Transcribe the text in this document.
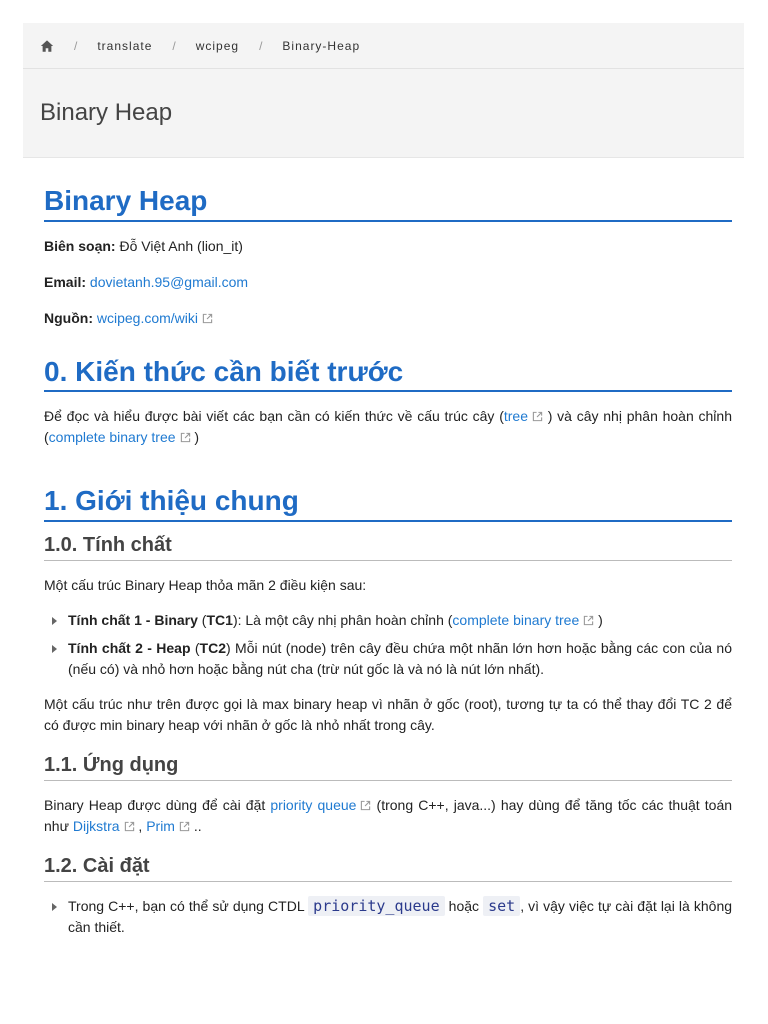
/ translate / wcipeg / Binary-Heap
Binary Heap
Binary Heap

Biên soạn: Đỗ Việt Anh (lion_it)

Email: dovietanh.95@gmail.com

Nguồn: wcipeg.com/wiki

0. Kiến thức cần biết trước

Để đọc và hiểu được bài viết các bạn cần có kiến thức về cấu trúc cây (tree ) và cây nhị phân hoàn chỉnh (complete binary tree )

1. Giới thiệu chung
1.0. Tính chất

Một cấu trúc Binary Heap thỏa mãn 2 điều kiện sau:

Tính chất 1 - Binary (TC1): Là một cây nhị phân hoàn chỉnh (complete binary tree )
Tính chất 2 - Heap (TC2) Mỗi nút (node) trên cây đều chứa một nhãn lớn hơn hoặc bằng các con của nó (nếu có) và nhỏ hơn hoặc bằng nút cha (trừ nút gốc là và nó là nút lớn nhất).

Một cấu trúc như trên được gọi là max binary heap vì nhãn ở gốc (root), tương tự ta có thể thay đổi TC 2 để có được min binary heap với nhãn ở gốc là nhỏ nhất trong cây.

1.1. Ứng dụng

Binary Heap được dùng để cài đặt priority queue (trong C++, java...) hay dùng để tăng tốc các thuật toán như Dijkstra , Prim ..

1.2. Cài đặt
Trong C++, bạn có thể sử dụng CTDL priority_queue hoặc set , vì vậy việc tự cài đặt lại là không cần thiết.
